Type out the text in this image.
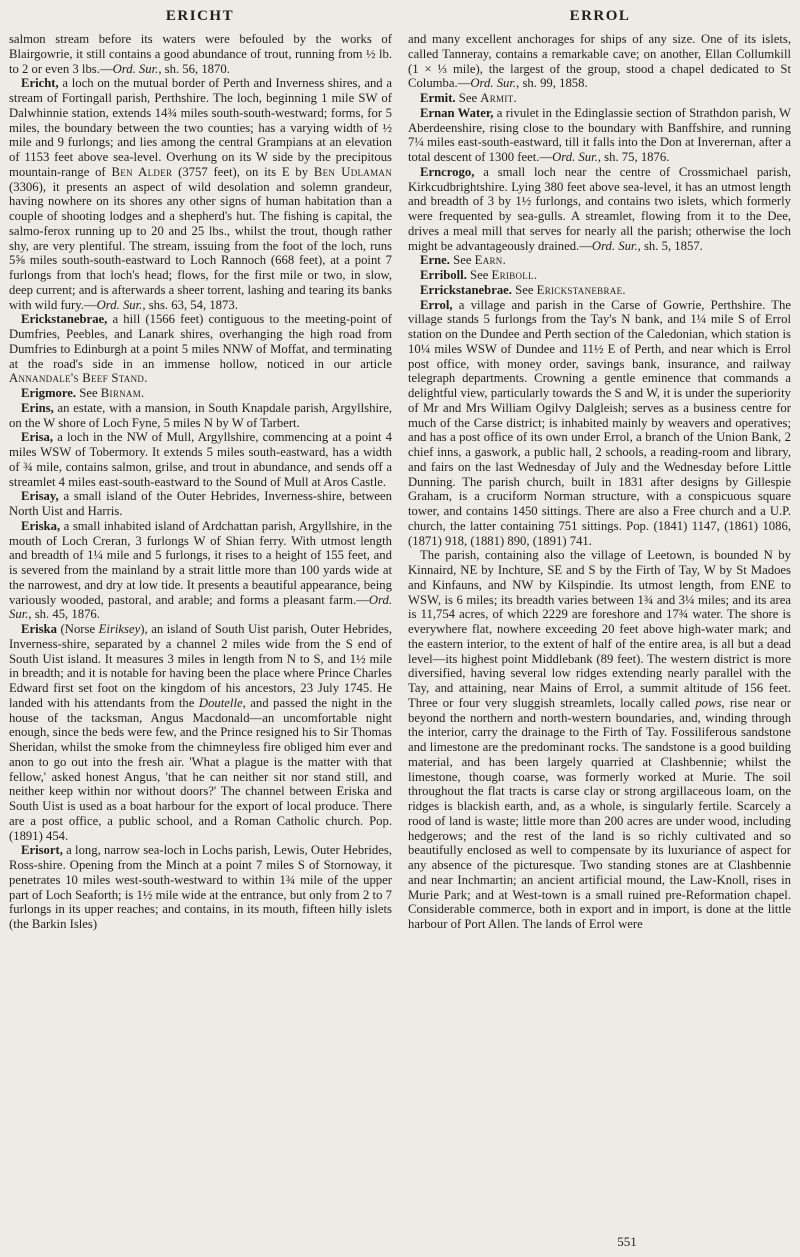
ERICHT	ERROL

salmon stream before its waters were befouled by the works of Blairgowrie, it still contains a good abundance of trout, running from ½ lb. to 2 or even 3 lbs.—Ord. Sur., sh. 56, 1870.

Ericht, a loch on the mutual border of Perth and Inverness shires, and a stream of Fortingall parish, Perthshire. The loch, beginning 1 mile SW of Dalwhinnie station, extends 14¾ miles south-south-westward; forms, for 5 miles, the boundary between the two counties; has a varying width of ½ mile and 9 furlongs; and lies among the central Grampians at an elevation of 1153 feet above sea-level. Overhung on its W side by the precipitous mountain-range of Ben Alder (3757 feet), on its E by Ben Udlaman (3306), it presents an aspect of wild desolation and solemn grandeur, having nowhere on its shores any other signs of human habitation than a couple of shooting lodges and a shepherd's hut. The fishing is capital, the salmo-ferox running up to 20 and 25 lbs., whilst the trout, though rather shy, are very plentiful. The stream, issuing from the foot of the loch, runs 5⅝ miles south-south-eastward to Loch Rannoch (668 feet), at a point 7 furlongs from that loch's head; flows, for the first mile or two, in slow, deep current; and is afterwards a sheer torrent, lashing and tearing its banks with wild fury.—Ord. Sur., shs. 63, 54, 1873.

Erickstanebrae, a hill (1566 feet) contiguous to the meeting-point of Dumfries, Peebles, and Lanark shires, overhanging the high road from Dumfries to Edinburgh at a point 5 miles NNW of Moffat, and terminating at the road's side in an immense hollow, noticed in our article Annandale's Beef Stand.

Erigmore. See Birnam.

Erins, an estate, with a mansion, in South Knapdale parish, Argyllshire, on the W shore of Loch Fyne, 5 miles N by W of Tarbert.

Erisa, a loch in the NW of Mull, Argyllshire, commencing at a point 4 miles WSW of Tobermory. It extends 5 miles south-eastward, has a width of ¾ mile, contains salmon, grilse, and trout in abundance, and sends off a streamlet 4 miles east-south-eastward to the Sound of Mull at Aros Castle.

Erisay, a small island of the Outer Hebrides, Inverness-shire, between North Uist and Harris.

Eriska, a small inhabited island of Ardchattan parish, Argyllshire, in the mouth of Loch Creran, 3 furlongs W of Shian ferry. With utmost length and breadth of 1¼ mile and 5 furlongs, it rises to a height of 155 feet, and is severed from the mainland by a strait little more than 100 yards wide at the narrowest, and dry at low tide. It presents a beautiful appearance, being variously wooded, pastoral, and arable; and forms a pleasant farm.—Ord. Sur., sh. 45, 1876.

Eriska (Norse Eiriksey), an island of South Uist parish, Outer Hebrides, Inverness-shire, separated by a channel 2 miles wide from the S end of South Uist island. It measures 3 miles in length from N to S, and 1½ mile in breadth; and it is notable for having been the place where Prince Charles Edward first set foot on the kingdom of his ancestors, 23 July 1745. He landed with his attendants from the Doutelle, and passed the night in the house of the tacksman, Angus Macdonald—an uncomfortable night enough, since the beds were few, and the Prince resigned his to Sir Thomas Sheridan, whilst the smoke from the chimneyless fire obliged him ever and anon to go out into the fresh air. 'What a plague is the matter with that fellow,' asked honest Angus, 'that he can neither sit nor stand still, and neither keep within nor without doors?' The channel between Eriska and South Uist is used as a boat harbour for the export of local produce. There are a post office, a public school, and a Roman Catholic church. Pop. (1891) 454.

Erisort, a long, narrow sea-loch in Lochs parish, Lewis, Outer Hebrides, Ross-shire. Opening from the Minch at a point 7 miles S of Stornoway, it penetrates 10 miles west-south-westward to within 1¾ mile of the upper part of Loch Seaforth; is 1½ mile wide at the entrance, but only from 2 to 7 furlongs in its upper reaches; and contains, in its mouth, fifteen hilly islets (the Barkin Isles)

and many excellent anchorages for ships of any size. One of its islets, called Tanneray, contains a remarkable cave; on another, Ellan Collumkill (1 × ⅓ mile), the largest of the group, stood a chapel dedicated to St Columba.—Ord. Sur., sh. 99, 1858.

Ermit. See Armit.

Ernan Water, a rivulet in the Edinglassie section of Strathdon parish, W Aberdeenshire, rising close to the boundary with Banffshire, and running 7¼ miles east-south-eastward, till it falls into the Don at Inverernan, after a total descent of 1300 feet.—Ord. Sur., sh. 75, 1876.

Erncrogo, a small loch near the centre of Crossmichael parish, Kirkcudbrightshire. Lying 380 feet above sea-level, it has an utmost length and breadth of 3 by 1½ furlongs, and contains two islets, which formerly were frequented by sea-gulls. A streamlet, flowing from it to the Dee, drives a meal mill that serves for nearly all the parish; otherwise the loch might be advantageously drained.—Ord. Sur., sh. 5, 1857.

Erne. See Earn.

Erriboll. See Eriboll.

Errickstanebrae. See Erickstanebrae.

Errol, a village and parish in the Carse of Gowrie, Perthshire. The village stands 5 furlongs from the Tay's N bank, and 1¼ mile S of Errol station on the Dundee and Perth section of the Caledonian, which station is 10¼ miles WSW of Dundee and 11½ E of Perth, and near which is Errol post office, with money order, savings bank, insurance, and railway telegraph departments. Crowning a gentle eminence that commands a delightful view, particularly towards the S and W, it is under the superiority of Mr and Mrs William Ogilvy Dalgleish; serves as a business centre for much of the Carse district; is inhabited mainly by weavers and operatives; and has a post office of its own under Errol, a branch of the Union Bank, 2 chief inns, a gaswork, a public hall, 2 schools, a reading-room and library, and fairs on the last Wednesday of July and the Wednesday before Little Dunning. The parish church, built in 1831 after designs by Gillespie Graham, is a cruciform Norman structure, with a conspicuous square tower, and contains 1450 sittings. There are also a Free church and a U.P. church, the latter containing 751 sittings. Pop. (1841) 1147, (1861) 1086, (1871) 918, (1881) 890, (1891) 741.

The parish, containing also the village of Leetown, is bounded N by Kinnaird, NE by Inchture, SE and S by the Firth of Tay, W by St Madoes and Kinfauns, and NW by Kilspindie. Its utmost length, from ENE to WSW, is 6 miles; its breadth varies between 1¾ and 3¼ miles; and its area is 11,754 acres, of which 2229 are foreshore and 17¾ water. The shore is everywhere flat, nowhere exceeding 20 feet above high-water mark; and the eastern interior, to the extent of half of the entire area, is all but a dead level—its highest point Middlebank (89 feet). The western district is more diversified, having several low ridges extending nearly parallel with the Tay, and attaining, near Mains of Errol, a summit altitude of 156 feet. Three or four very sluggish streamlets, locally called pows, rise near or beyond the northern and north-western boundaries, and, winding through the interior, carry the drainage to the Firth of Tay. Fossiliferous sandstone and limestone are the predominant rocks. The sandstone is a good building material, and has been largely quarried at Clashbennie; whilst the limestone, though coarse, was formerly worked at Murie. The soil throughout the flat tracts is carse clay or strong argillaceous loam, on the ridges is blackish earth, and, as a whole, is singularly fertile. Scarcely a rood of land is waste; little more than 200 acres are under wood, including hedgerows; and the rest of the land is so richly cultivated and so beautifully enclosed as well to compensate by its luxuriance of aspect for any absence of the picturesque. Two standing stones are at Clashbennie and near Inchmartin; an ancient artificial mound, the Law-Knoll, rises in Murie Park; and at West-town is a small ruined pre-Reformation chapel. Considerable commerce, both in export and in import, is done at the little harbour of Port Allen. The lands of Errol were

551
